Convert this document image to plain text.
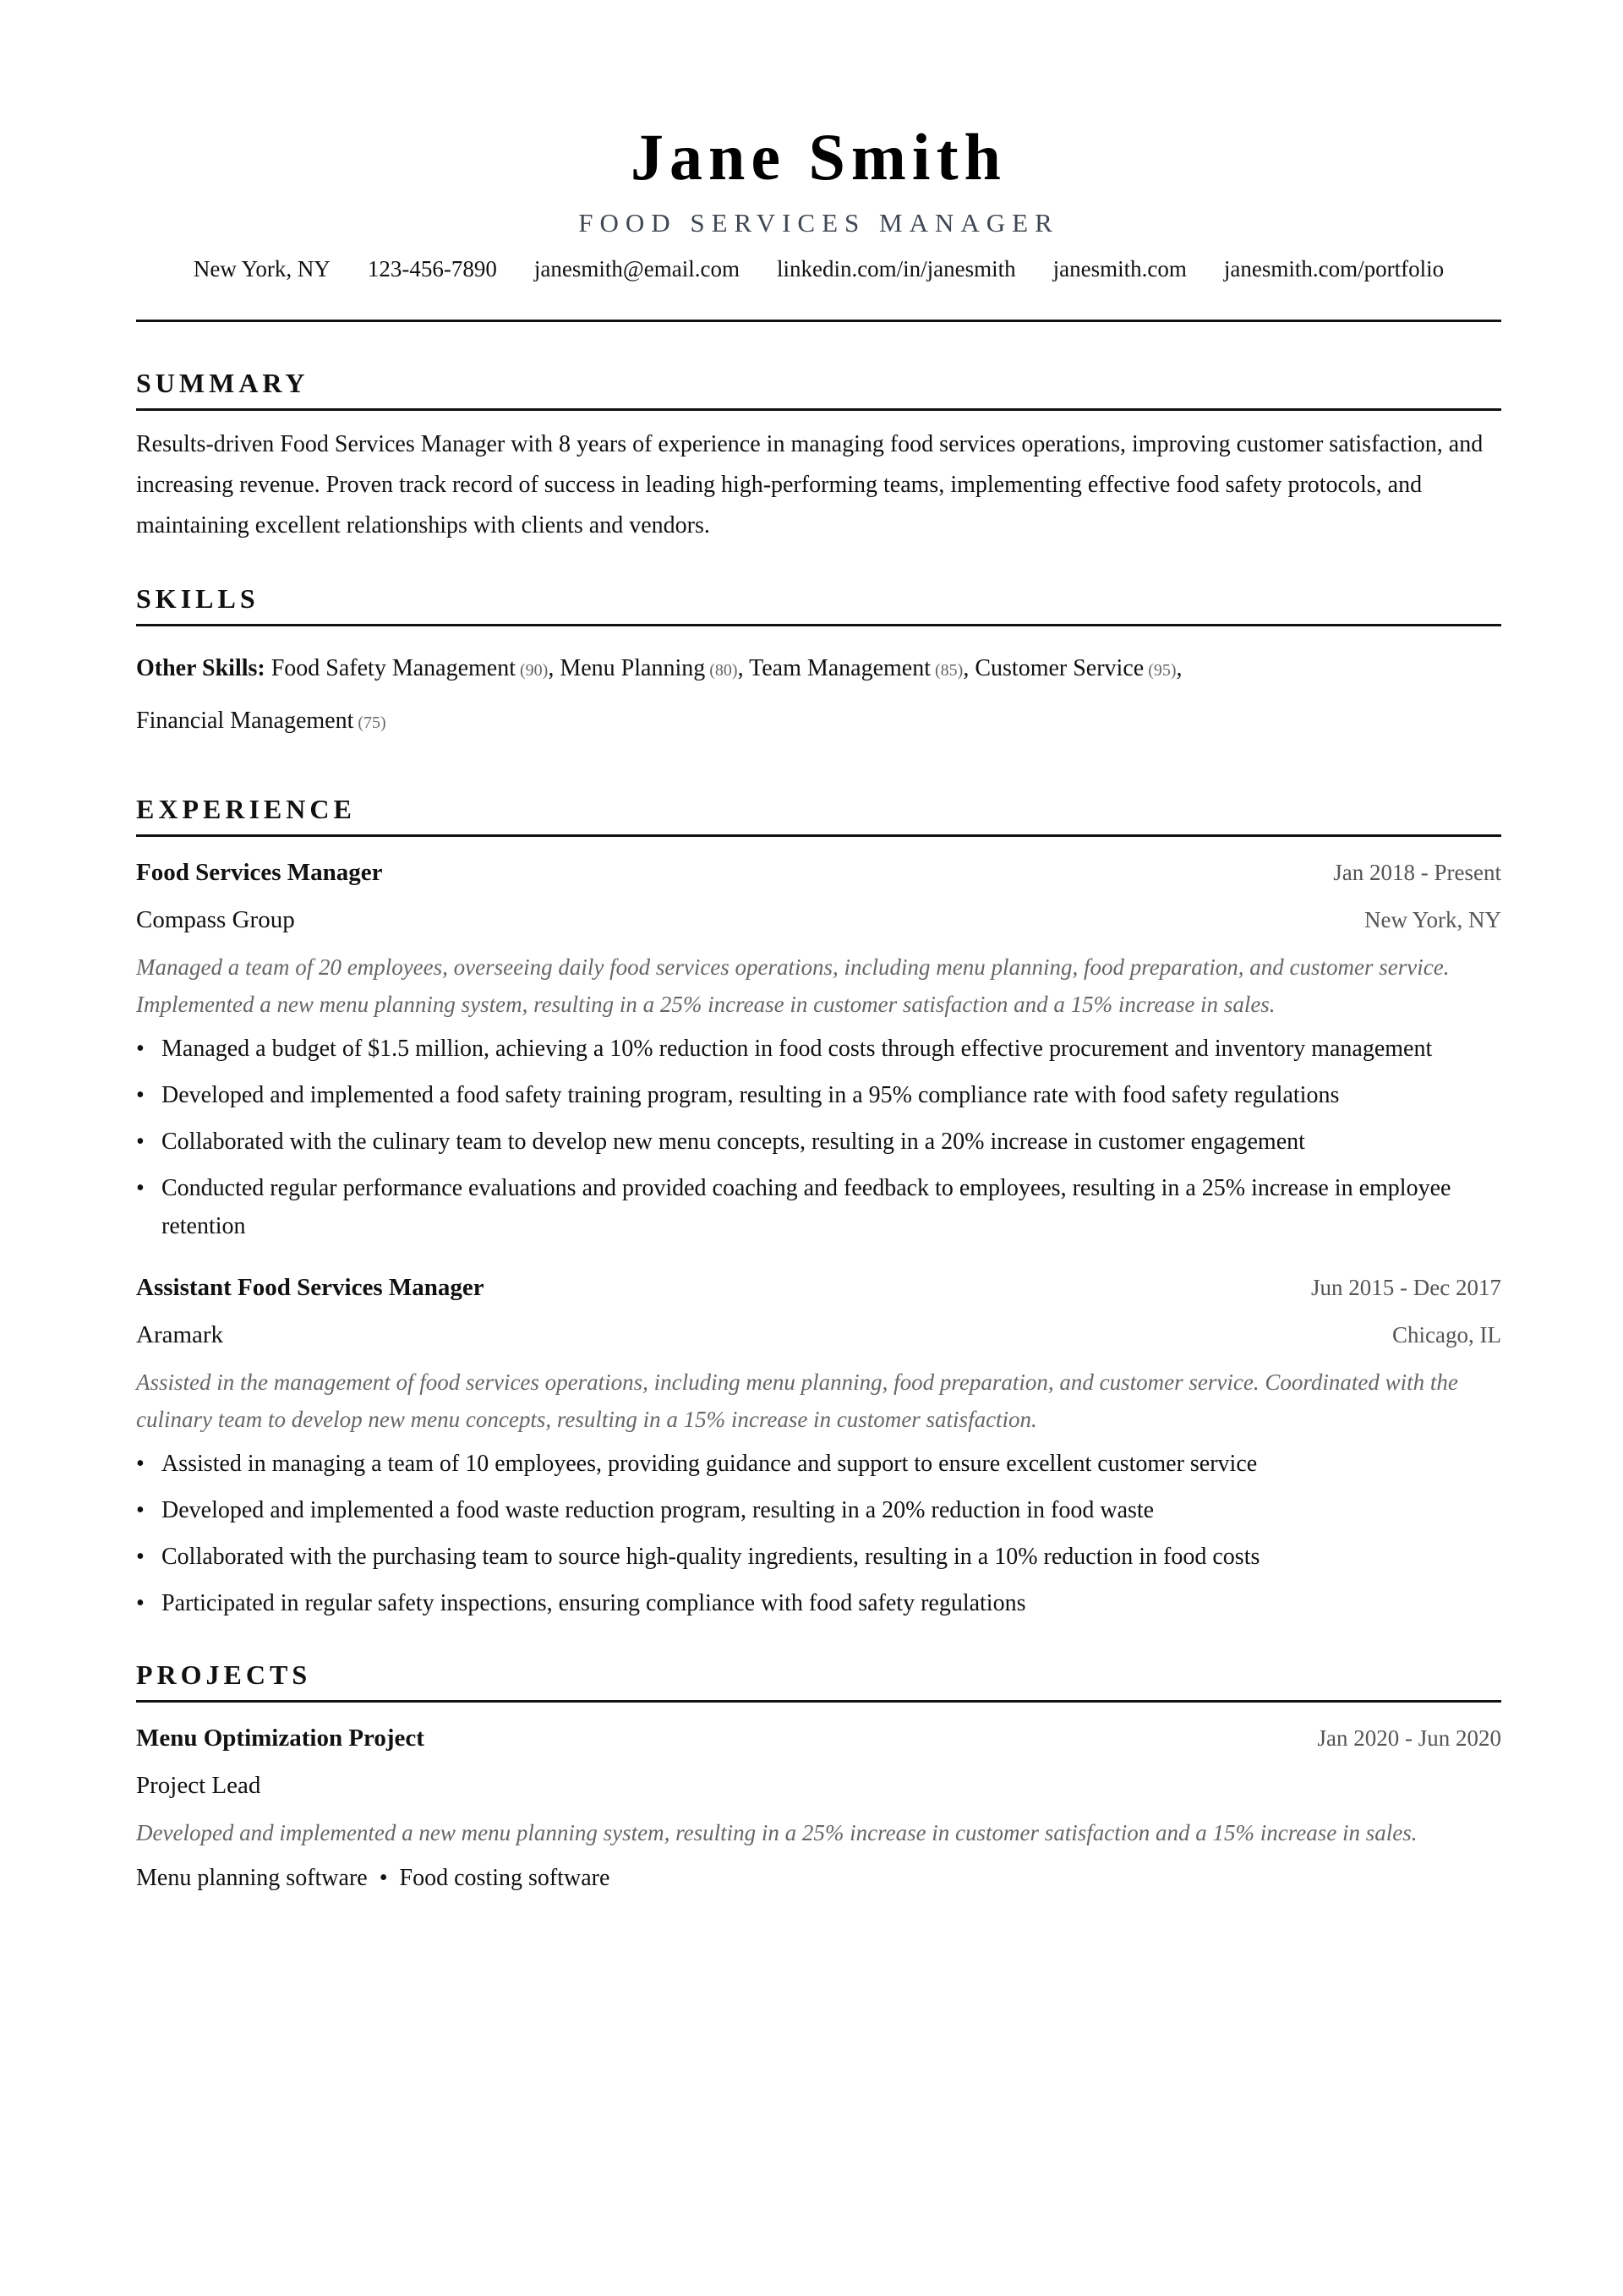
Jane Smith
FOOD SERVICES MANAGER
New York, NY 123-456-7890 janesmith@email.com linkedin.com/in/janesmith janesmith.com janesmith.com/portfolio
SUMMARY

Results-driven Food Services Manager with 8 years of experience in managing food services operations, improving customer satisfaction, and increasing revenue. Proven track record of success in leading high-performing teams, implementing effective food safety protocols, and maintaining excellent relationships with clients and vendors.

SKILLS
Other Skills: Food Safety Management (90), Menu Planning (80), Team Management (85), Customer Service (95),
Financial Management (75)
EXPERIENCE
Food Services Manager	Jan 2018 - Present
Compass Group	New York, NY

Managed a team of 20 employees, overseeing daily food services operations, including menu planning, food preparation, and customer service. Implemented a new menu planning system, resulting in a 25% increase in customer satisfaction and a 15% increase in sales.

• Managed a budget of $1.5 million, achieving a 10% reduction in food costs through effective procurement and inventory management
• Developed and implemented a food safety training program, resulting in a 95% compliance rate with food safety regulations
• Collaborated with the culinary team to develop new menu concepts, resulting in a 20% increase in customer engagement
• Conducted regular performance evaluations and provided coaching and feedback to employees, resulting in a 25% increase in employee retention
Assistant Food Services Manager	Jun 2015 - Dec 2017
Aramark	Chicago, IL

Assisted in the management of food services operations, including menu planning, food preparation, and customer service. Coordinated with the culinary team to develop new menu concepts, resulting in a 15% increase in customer satisfaction.

• Assisted in managing a team of 10 employees, providing guidance and support to ensure excellent customer service
• Developed and implemented a food waste reduction program, resulting in a 20% reduction in food waste
• Collaborated with the purchasing team to source high-quality ingredients, resulting in a 10% reduction in food costs
• Participated in regular safety inspections, ensuring compliance with food safety regulations
PROJECTS
Menu Optimization Project	Jan 2020 - Jun 2020
Project Lead

Developed and implemented a new menu planning system, resulting in a 25% increase in customer satisfaction and a 15% increase in sales.

Menu planning software • Food costing software
